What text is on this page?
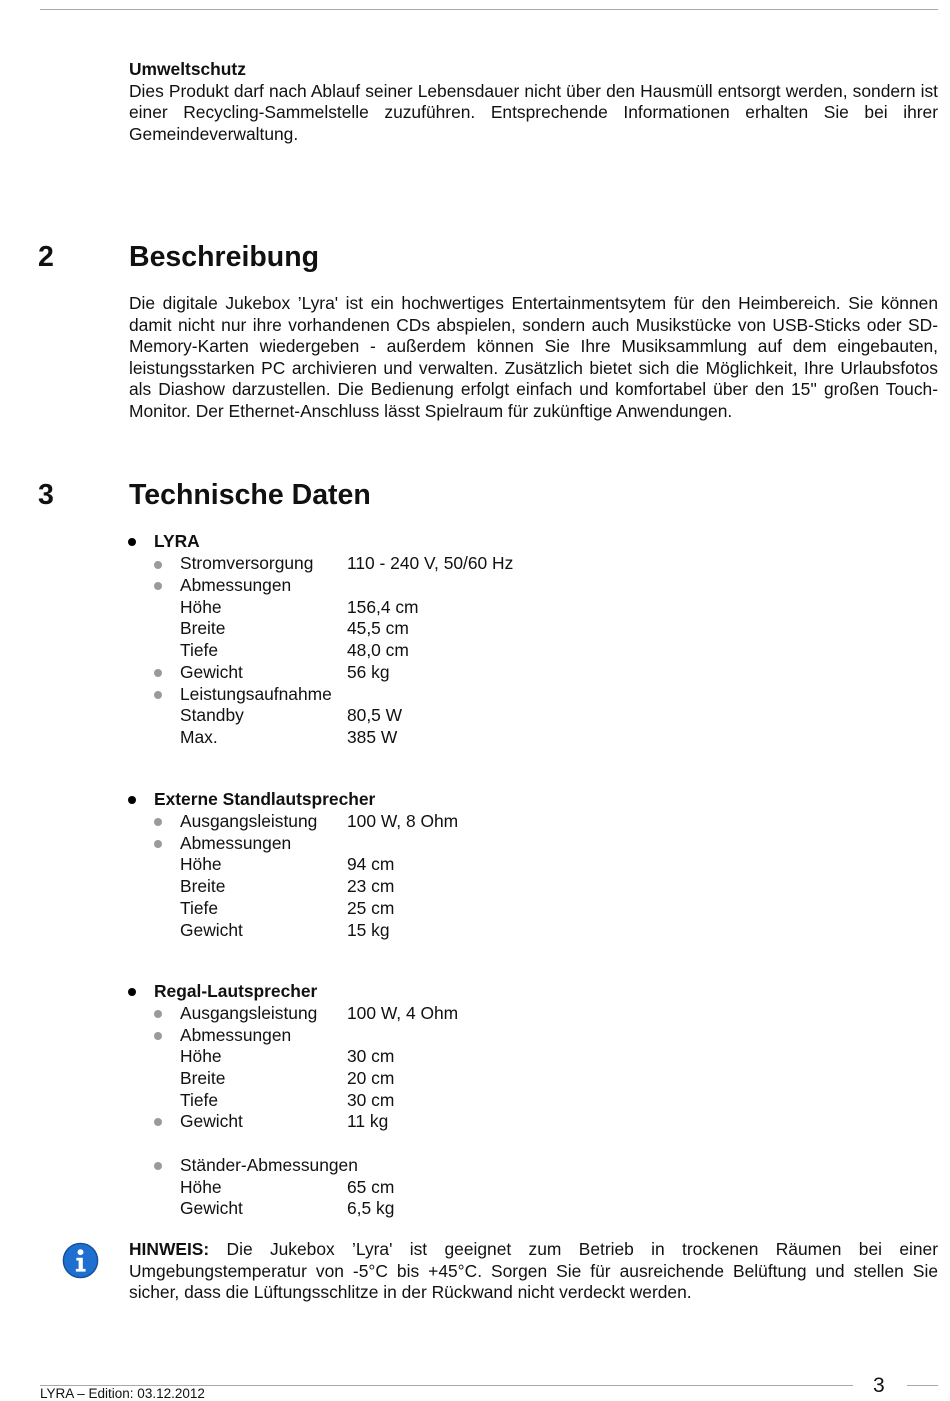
Umweltschutz

Dies Produkt darf nach Ablauf seiner Lebensdauer nicht über den Hausmüll entsorgt werden, sondern ist einer Recycling-Sammelstelle zuzuführen. Entsprechende Informationen erhalten Sie bei ihrer Gemeindeverwaltung.

2	Beschreibung

Die digitale Jukebox ’Lyra' ist ein hochwertiges Entertainmentsytem für den Heimbereich. Sie können damit nicht nur ihre vorhandenen CDs abspielen, sondern auch Musikstücke von USB-Sticks oder SD-Memory-Karten wiedergeben - außerdem können Sie Ihre Musiksammlung auf dem eingebauten, leistungsstarken PC archivieren und verwalten. Zusätzlich bietet sich die Möglichkeit, Ihre Urlaubsfotos als Diashow darzustellen. Die Bedienung erfolgt einfach und komfortabel über den 15'' großen Touch-Monitor. Der Ethernet-Anschluss lässt Spielraum für zukünftige Anwendungen.

3	Technische Daten
LYRA
Stromversorgung 110 - 240 V, 50/60 Hz
Abmessungen
Höhe	156,4 cm
Breite	45,5 cm
Tiefe	48,0 cm
Gewicht	56 kg
Leistungsaufnahme
Standby	80,5 W
Max.	385 W
Externe Standlautsprecher
Ausgangsleistung 100 W, 8 Ohm
Abmessungen
Höhe	94 cm
Breite	23 cm
Tiefe	25 cm
Gewicht	15 kg
Regal-Lautsprecher
Ausgangsleistung 100 W, 4 Ohm
Abmessungen
Höhe	30 cm
Breite	20 cm
Tiefe	30 cm
Gewicht	11 kg
Ständer-Abmessungen
Höhe	65 cm
Gewicht	6,5 kg

HINWEIS: Die Jukebox ’Lyra' ist geeignet zum Betrieb in trockenen Räumen bei einer Umgebungstemperatur von -5°C bis +45°C. Sorgen Sie für ausreichende Belüftung und stellen Sie sicher, dass die Lüftungsschlitze in der Rückwand nicht verdeckt werden.

LYRA – Edition: 03.12.2012	3
